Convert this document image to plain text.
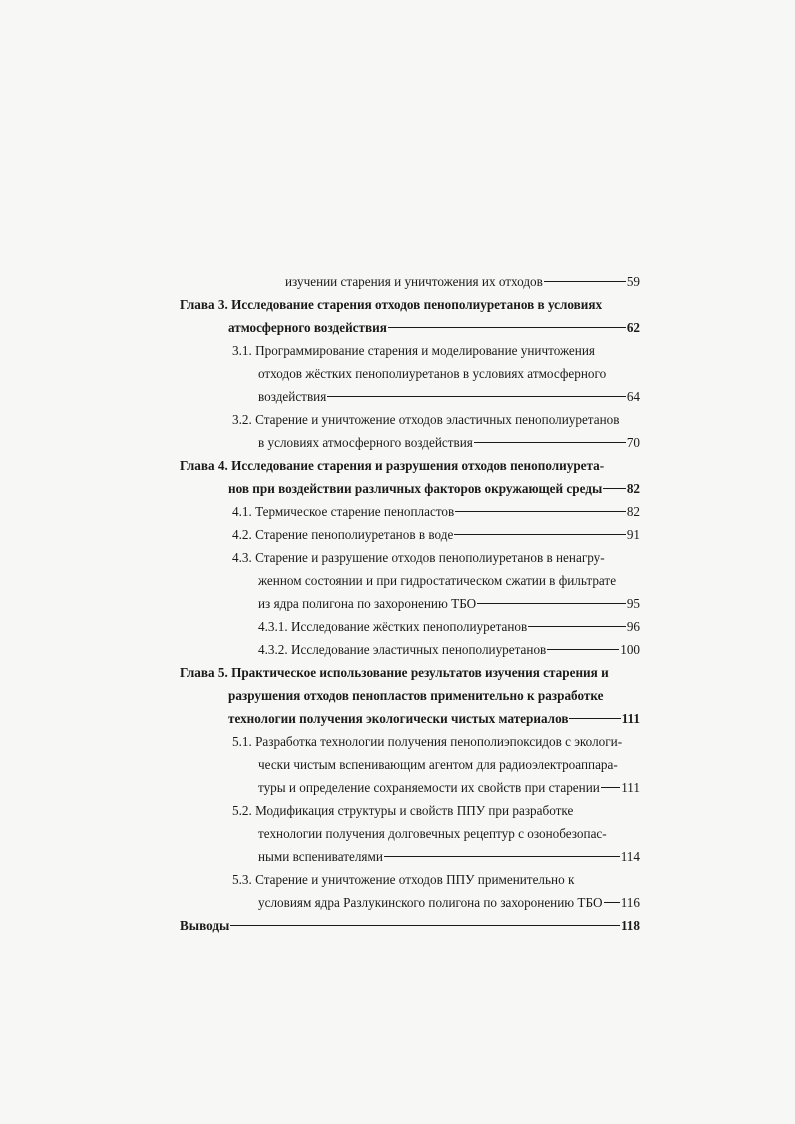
изучении старения и уничтожения их отходов	59
Глава 3. Исследование старения отходов пенополиуретанов в условиях
атмосферного воздействия	62
3.1. Программирование старения и моделирование уничтожения
отходов жёстких пенополиуретанов в условиях атмосферного
воздействия	64
3.2. Старение и уничтожение отходов эластичных пенополиуретанов
в условиях атмосферного воздействия	70
Глава 4. Исследование старения и разрушения отходов пенополиурета-
нов при воздействии различных факторов окружающей среды 82
4.1. Термическое старение пенопластов	82
4.2. Старение пенополиуретанов в воде	91
4.3. Старение и разрушение отходов пенополиуретанов в ненагру-
женном состоянии и при гидростатическом сжатии в фильтрате
из ядра полигона по захоронению ТБО	95
4.3.1. Исследование жёстких пенополиуретанов	96
4.3.2. Исследование эластичных пенополиуретанов	100
Глава 5. Практическое использование результатов изучения старения и
разрушения отходов пенопластов применительно к разработке
технологии получения экологически чистых материалов	111
5.1. Разработка технологии получения пенополиэпоксидов с экологи-
чески чистым вспенивающим агентом для радиоэлектроаппара-
туры и определение сохраняемости их свойств при старении 111
5.2. Модификация структуры и свойств ППУ при разработке
технологии получения долговечных рецептур с озонобезопас-
ными вспенивателями	114
5.3. Старение и уничтожение отходов ППУ применительно к
условиям ядра Разлукинского полигона по захоронению ТБО 116
Выводы	118
